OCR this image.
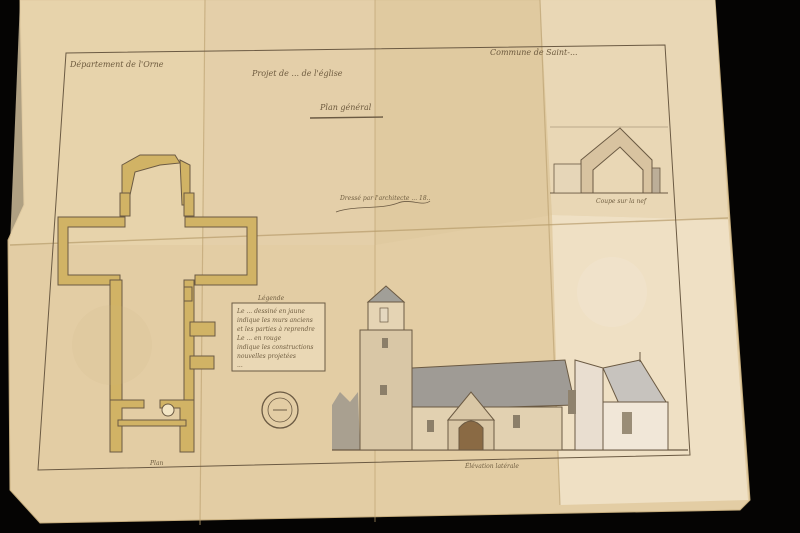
Département de l'Orne
Commune de Saint-...
Projet de ... de l'église
Plan général
Plan
Légende
Le ... dessiné en jaune
indique les murs anciens
et les parties à reprendre
Le ... en rouge
indique les constructions
nouvelles projetées
...
Dressé par l'architecte ... 18..	Coupe sur la nef
Élévation latérale
